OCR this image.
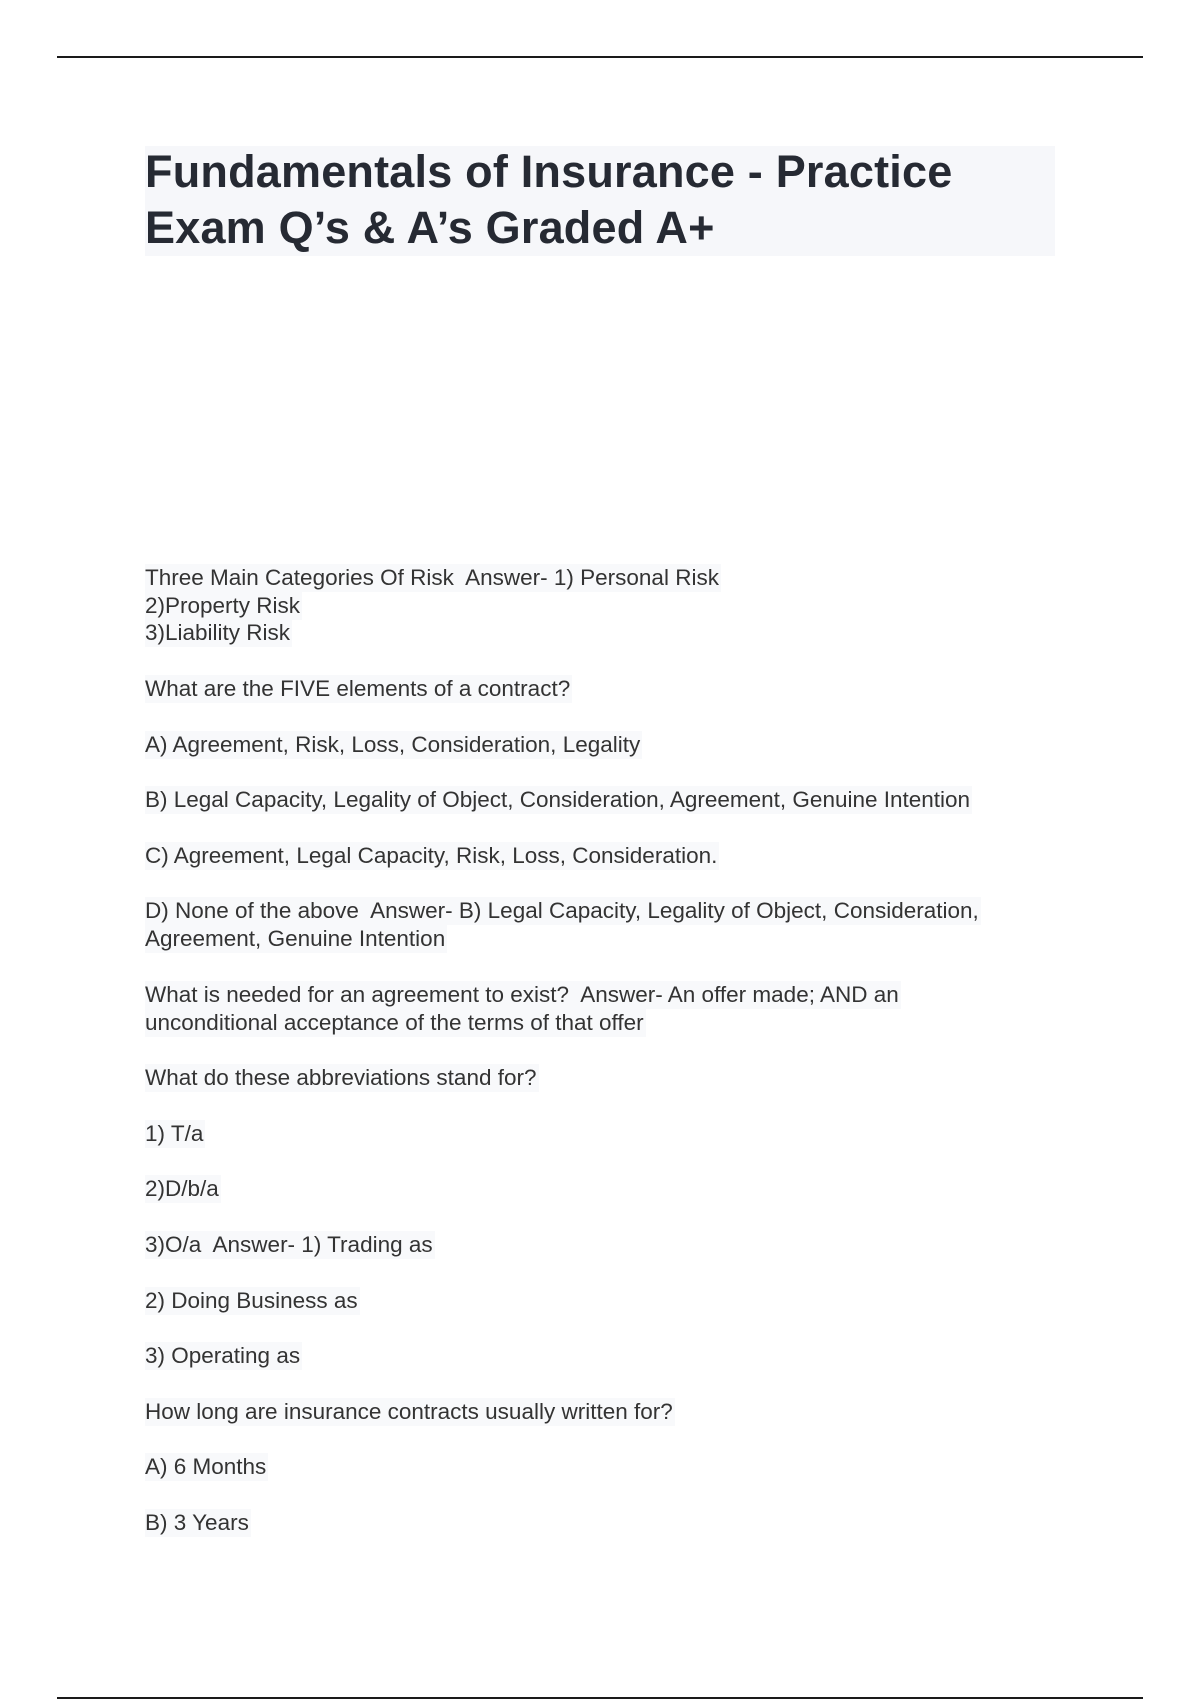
Fundamentals of Insurance - Practice
Exam Q’s & A’s Graded A+
Three Main Categories Of Risk  Answer- 1) Personal Risk
2)Property Risk
3)Liability Risk
What are the FIVE elements of a contract?
A) Agreement, Risk, Loss, Consideration, Legality
B) Legal Capacity, Legality of Object, Consideration, Agreement, Genuine Intention
C) Agreement, Legal Capacity, Risk, Loss, Consideration.
D) None of the above  Answer- B) Legal Capacity, Legality of Object, Consideration,
Agreement, Genuine Intention
What is needed for an agreement to exist?  Answer- An offer made; AND an
unconditional acceptance of the terms of that offer
What do these abbreviations stand for?
1) T/a
2)D/b/a
3)O/a  Answer- 1) Trading as
2) Doing Business as
3) Operating as
How long are insurance contracts usually written for?
A) 6 Months
B) 3 Years
